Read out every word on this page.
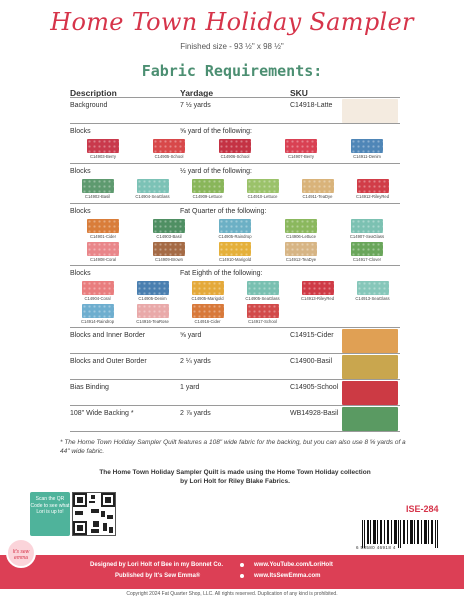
Home Town Holiday Sampler
Finished size - 93 ½" x 98 ½"
Fabric Requirements:
Description	Yardage	SKU
Background	7 ½ yards	C14918-Latte
Blocks	⅝ yard of the following:
C14903-Berry	C14905-School	C14906-School	C14907-Berry	C14911-Denim
Blocks	½ yard of the following:
C14902-Basil	C14904-SeaGlass	C14909-Lettuce	C14910-Lettuce	C14911-TeaDye	C14912-RileyRed
Blocks	Fat Quarter of the following:
C14901-Cider	C14903-Basil	C14905-Raindrop	C14906-Lettuce	C14907-SeaGlass
C14908-Coral	C14909-Brown	C14910-Marigold	C14912-TeaDye	C14917-Clover
Blocks	Fat Eighth of the following:
C14904-Coral	C14905-Denim	C14905-Marigold	C14905-SeaGlass	C14913-RileyRed	C14913-SeaGlass
C14914-Raindrop	C14916-TeaRose	C14916-Cider	C14917-School
Blocks and Inner Border	⅝ yard	C14915-Cider
Blocks and Outer Border	2 ¼ yards	C14900-Basil
Bias Binding	1 yard	C14905-School
108" Wide Backing *	2 ⅞ yards	WB14928-Basil
* The Home Town Holiday Sampler Quilt features a 108" wide fabric for the backing, but you can also use 8 ⅝ yards of a 44" wide fabric.
The Home Town Holiday Sampler Quilt is made using the Home Town Holiday collection
by Lori Holt for Riley Blake Fabrics.
Scan the QR Code to see what Lori is up to!	ISE-284
6 58580 46918 4
Designed by Lori Holt of Bee in my Bonnet Co.
Published by It's Sew Emma®
www.YouTube.com/LoriHolt
www.ItsSewEmma.com
It's sew emma
Copyright 2024 Fat Quarter Shop, LLC. All rights reserved. Duplication of any kind is prohibited.
